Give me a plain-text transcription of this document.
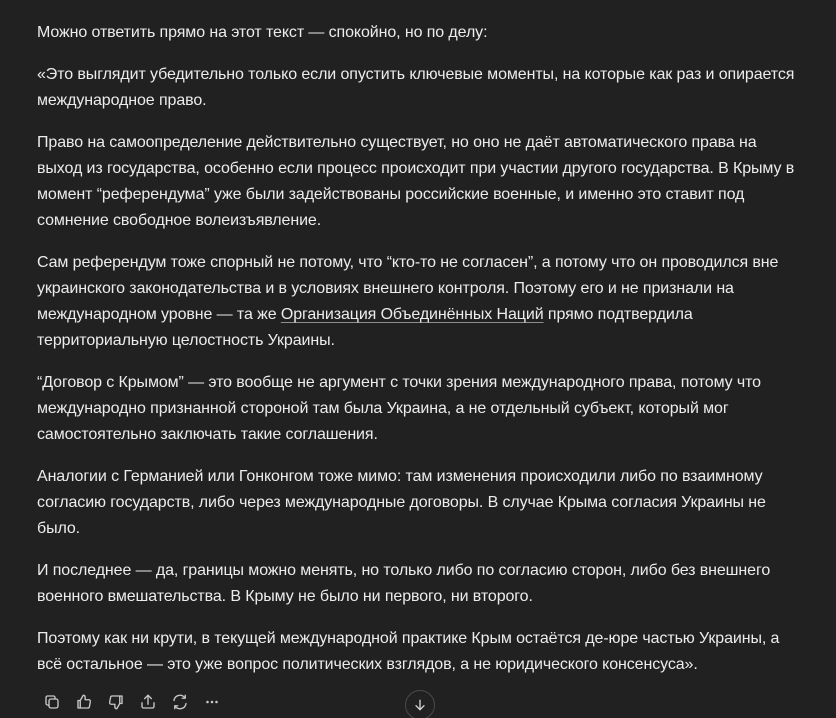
Можно ответить прямо на этот текст — спокойно, но по делу:

«Это выглядит убедительно только если опустить ключевые моменты, на которые как раз и опирается международное право.

Право на самоопределение действительно существует, но оно не даёт автоматического права на выход из государства, особенно если процесс происходит при участии другого государства. В Крыму в момент “референдума” уже были задействованы российские военные, и именно это ставит под сомнение свободное волеизъявление.

Сам референдум тоже спорный не потому, что “кто-то не согласен”, а потому что он проводился вне украинского законодательства и в условиях внешнего контроля. Поэтому его и не признали на международном уровне — та же Организация Объединённых Наций прямо подтвердила территориальную целостность Украины.

“Договор с Крымом” — это вообще не аргумент с точки зрения международного права, потому что международно признанной стороной там была Украина, а не отдельный субъект, который мог самостоятельно заключать такие соглашения.

Аналогии с Германией или Гонконгом тоже мимо: там изменения происходили либо по взаимному согласию государств, либо через международные договоры. В случае Крыма согласия Украины не было.

И последнее — да, границы можно менять, но только либо по согласию сторон, либо без внешнего военного вмешательства. В Крыму не было ни первого, ни второго.

Поэтому как ни крути, в текущей международной практике Крым остаётся де-юре частью Украины, а всё остальное — это уже вопрос политических взглядов, а не юридического консенсуса».
